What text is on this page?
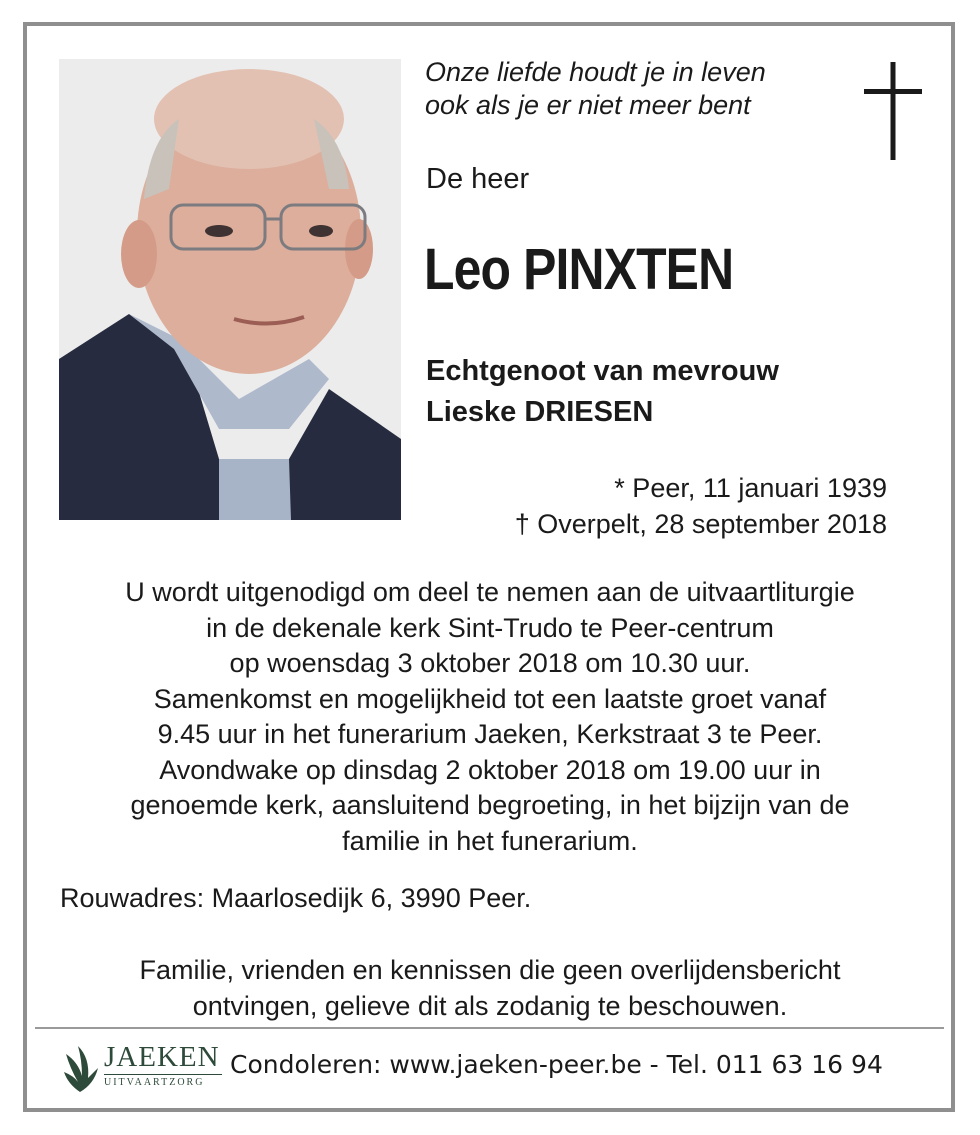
Onze liefde houdt je in leven
ook als je er niet meer bent
De heer
Leo PINXTEN
Echtgenoot van mevrouw
Lieske DRIESEN
* Peer, 11 januari 1939
† Overpelt, 28 september 2018
U wordt uitgenodigd om deel te nemen aan de uitvaartliturgie
in de dekenale kerk Sint-Trudo te Peer-centrum
op woensdag 3 oktober 2018 om 10.30 uur.
Samenkomst en mogelijkheid tot een laatste groet vanaf
9.45 uur in het funerarium Jaeken, Kerkstraat 3 te Peer.
Avondwake op dinsdag 2 oktober 2018 om 19.00 uur in
genoemde kerk, aansluitend begroeting, in het bijzijn van de
familie in het funerarium.
Rouwadres: Maarlosedijk 6, 3990 Peer.
Familie, vrienden en kennissen die geen overlijdensbericht
ontvingen, gelieve dit als zodanig te beschouwen.
JAEKEN
UITVAARTZORG
Condoleren: www.jaeken-peer.be - Tel. 011 63 16 94
